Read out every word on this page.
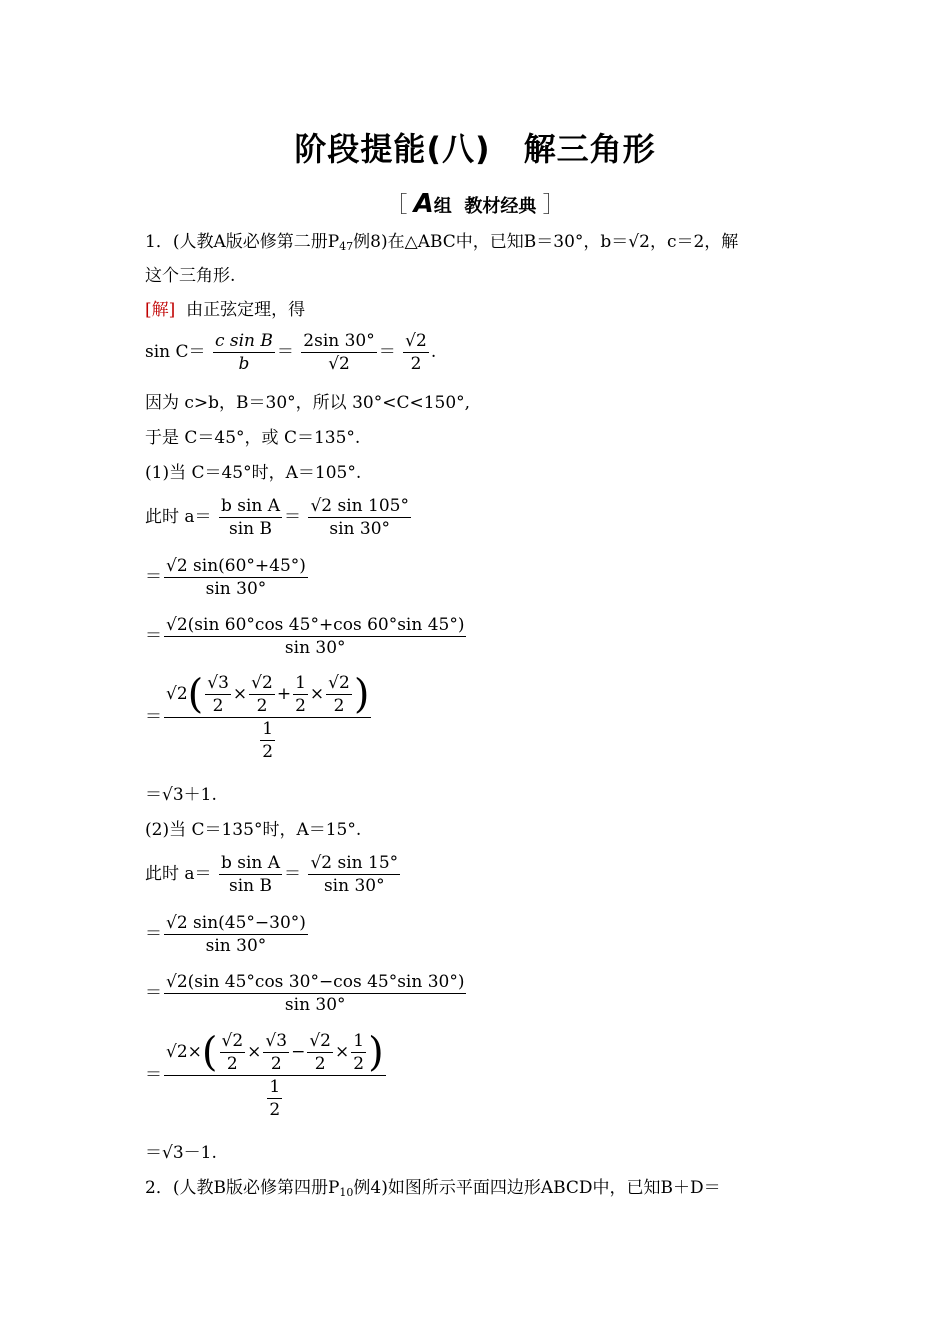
阶段提能(八)　解三角形
［ A组 教材经典 ］
1．(人教A版必修第二册$P_{47}$例8)在△ABC中，已知B＝30°，b＝√2，c＝2，解
这个三角形.
[解] 由正弦定理，得
$\sin C= \frac{\text{c sin B}}{b} = \frac{2\sin 30^\circ}{√2} = \frac{√2}{2}$ .
因为 c>b，B＝30°，所以 30°<C<150°,
于是 C＝45°，或 C＝135°.
(1)当 C＝45°时，A＝105°.
此时 $a= \frac{\text{b sin A}}{\text{sin B}} = \frac{√2 \sin 105^\circ}{\sin 30^\circ}$
＝ $\frac{√2 \sin(60^\circ+45^\circ)}{\sin 30^\circ}$
＝ $\frac{√2(\sin 60^\circ\cos 45^\circ+\cos 60^\circ\sin 45^\circ)}{\sin 30^\circ}$
＝ $\frac{√2( \frac{√3}{2} \times \frac{√2}{2} + \frac{1}{2} \times \frac{√2}{2} )}{\frac{1}{2}}$
＝√3＋1.
(2)当 C＝135°时，A＝15°.
此时 $a= \frac{\text{b sin A}}{\text{sin B}} = \frac{√2 \sin 15^\circ}{\sin 30^\circ}$
＝ $\frac{√2 \sin(45^\circ-30^\circ)}{\sin 30^\circ}$
＝ $\frac{√2(\sin 45^\circ\cos 30^\circ-\cos 45^\circ\sin 30^\circ)}{\sin 30^\circ}$
＝ $\frac{√2\times( \frac{√2}{2} \times \frac{√3}{2} - \frac{√2}{2} \times \frac{1}{2} )}{\frac{1}{2}}$
＝√3－1.
2．(人教B版必修第四册$P_{10}$例4)如图所示平面四边形ABCD中，已知B＋D＝
